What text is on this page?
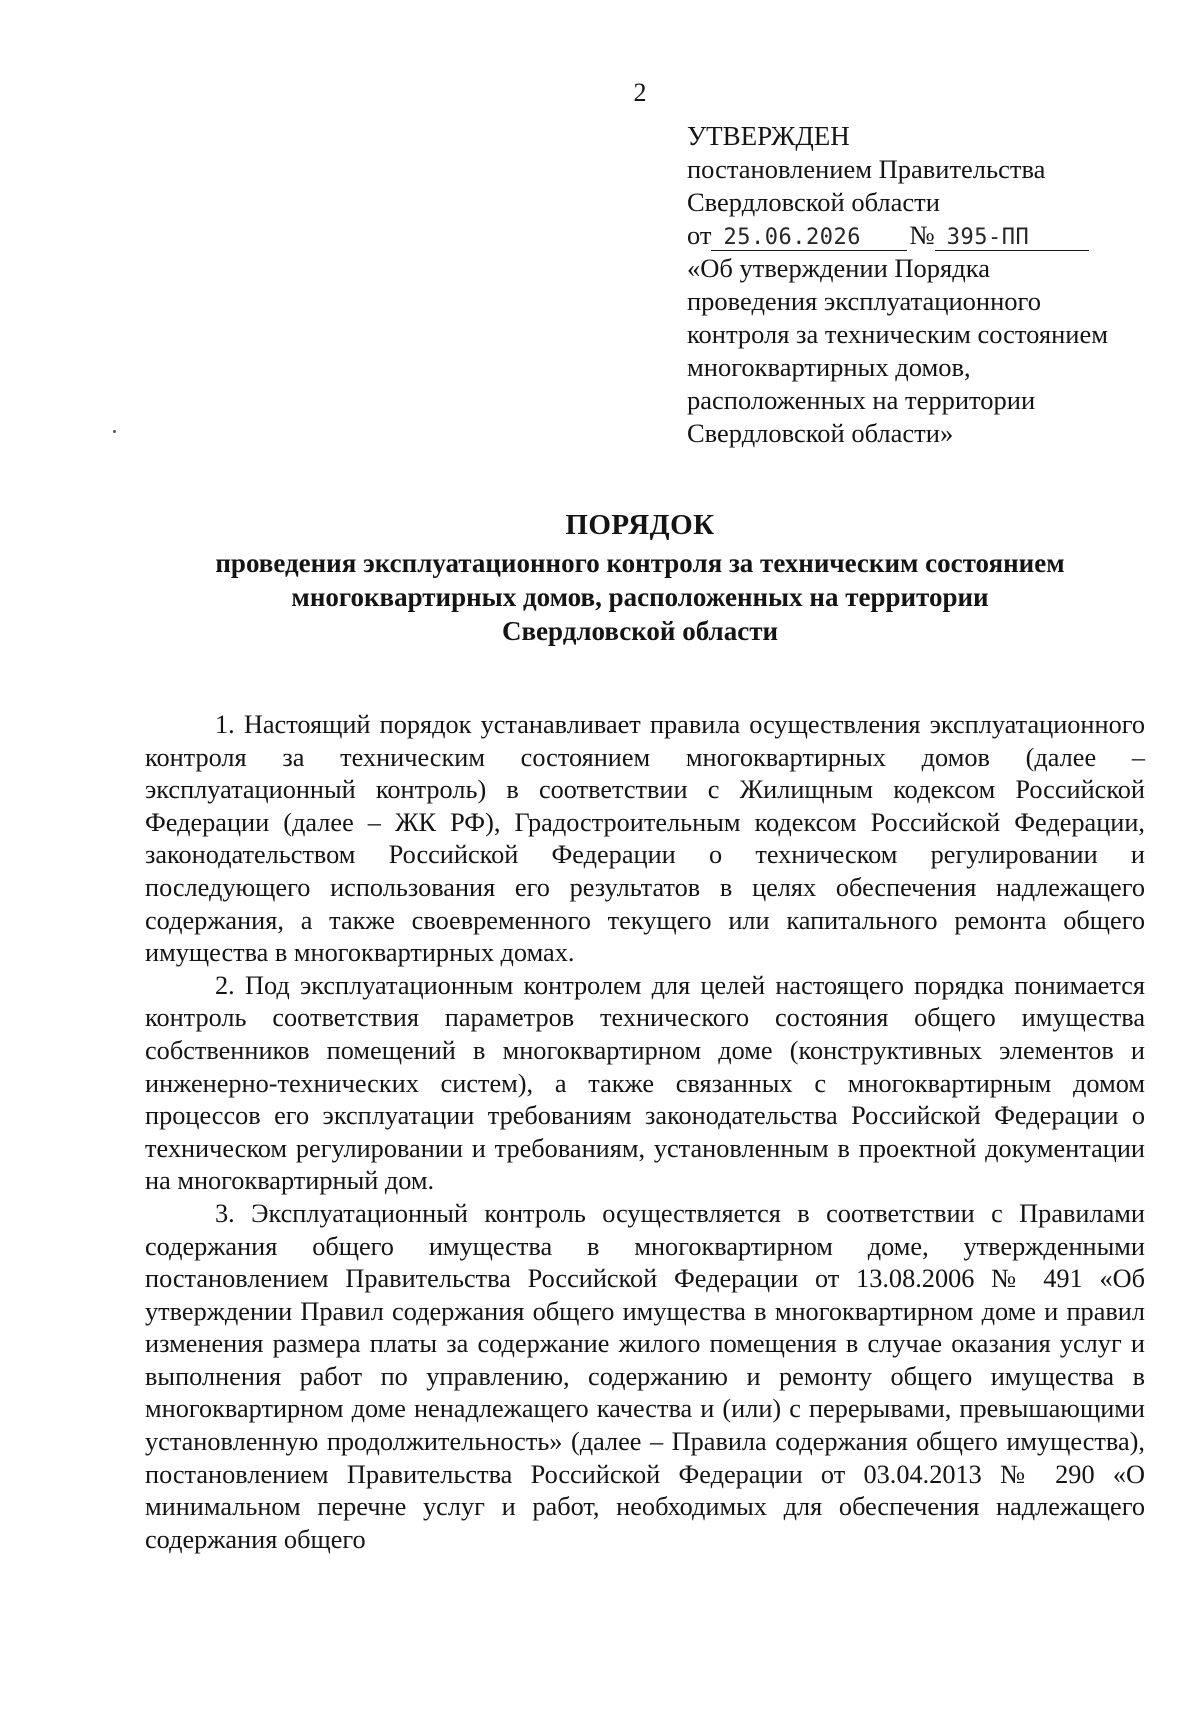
2
УТВЕРЖДЕН
постановлением Правительства
Свердловской области
от 25.06.2026	№ 395-ПП
«Об утверждении Порядка
проведения эксплуатационного
контроля за техническим состоянием
многоквартирных домов,
расположенных на территории
Свердловской области»
ПОРЯДОК
проведения эксплуатационного контроля за техническим состоянием
многоквартирных домов, расположенных на территории
Свердловской области

1. Настоящий порядок устанавливает правила осуществления эксплуатационного контроля за техническим состоянием многоквартирных домов (далее – эксплуатационный контроль) в соответствии с Жилищным кодексом Российской Федерации (далее – ЖК РФ), Градостроительным кодексом Российской Федерации, законодательством Российской Федерации о техническом регулировании и последующего использования его результатов в целях обеспечения надлежащего содержания, а также своевременного текущего или капитального ремонта общего имущества в многоквартирных домах.

2. Под эксплуатационным контролем для целей настоящего порядка понимается контроль соответствия параметров технического состояния общего имущества собственников помещений в многоквартирном доме (конструктивных элементов и инженерно-технических систем), а также связанных с многоквартирным домом процессов его эксплуатации требованиям законодательства Российской Федерации о техническом регулировании и требованиям, установленным в проектной документации на многоквартирный дом.

3. Эксплуатационный контроль осуществляется в соответствии с Правилами содержания общего имущества в многоквартирном доме, утвержденными постановлением Правительства Российской Федерации от 13.08.2006 № 491 «Об утверждении Правил содержания общего имущества в многоквартирном доме и правил изменения размера платы за содержание жилого помещения в случае оказания услуг и выполнения работ по управлению, содержанию и ремонту общего имущества в многоквартирном доме ненадлежащего качества и (или) с перерывами, превышающими установленную продолжительность» (далее – Правила содержания общего имущества), постановлением Правительства Российской Федерации от 03.04.2013 № 290 «О минимальном перечне услуг и работ, необходимых для обеспечения надлежащего содержания общего
